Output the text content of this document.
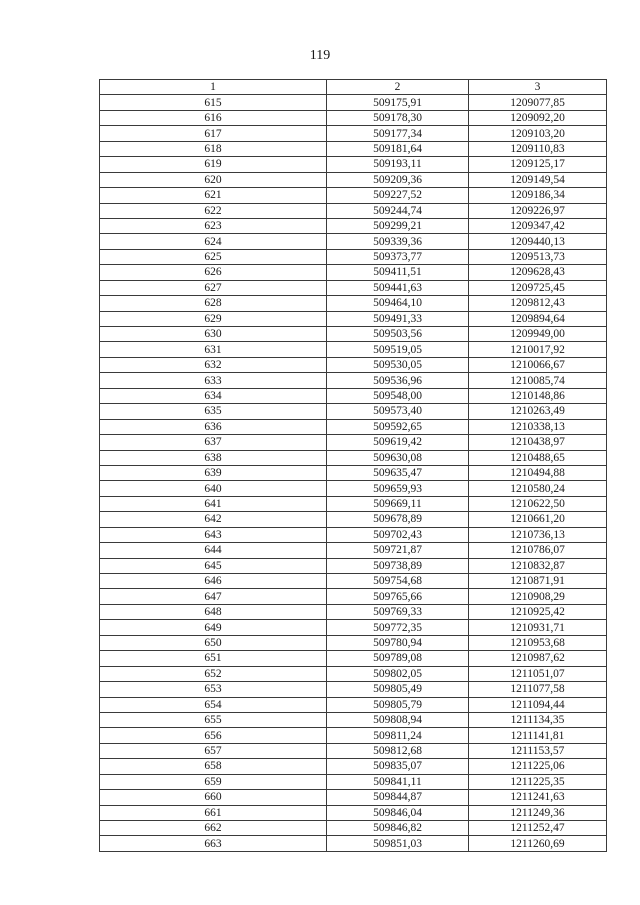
119
1	2	3
615	509175,91	1209077,85
616	509178,30	1209092,20
617	509177,34	1209103,20
618	509181,64	1209110,83
619	509193,11	1209125,17
620	509209,36	1209149,54
621	509227,52	1209186,34
622	509244,74	1209226,97
623	509299,21	1209347,42
624	509339,36	1209440,13
625	509373,77	1209513,73
626	509411,51	1209628,43
627	509441,63	1209725,45
628	509464,10	1209812,43
629	509491,33	1209894,64
630	509503,56	1209949,00
631	509519,05	1210017,92
632	509530,05	1210066,67
633	509536,96	1210085,74
634	509548,00	1210148,86
635	509573,40	1210263,49
636	509592,65	1210338,13
637	509619,42	1210438,97
638	509630,08	1210488,65
639	509635,47	1210494,88
640	509659,93	1210580,24
641	509669,11	1210622,50
642	509678,89	1210661,20
643	509702,43	1210736,13
644	509721,87	1210786,07
645	509738,89	1210832,87
646	509754,68	1210871,91
647	509765,66	1210908,29
648	509769,33	1210925,42
649	509772,35	1210931,71
650	509780,94	1210953,68
651	509789,08	1210987,62
652	509802,05	1211051,07
653	509805,49	1211077,58
654	509805,79	1211094,44
655	509808,94	1211134,35
656	509811,24	1211141,81
657	509812,68	1211153,57
658	509835,07	1211225,06
659	509841,11	1211225,35
660	509844,87	1211241,63
661	509846,04	1211249,36
662	509846,82	1211252,47
663	509851,03	1211260,69
